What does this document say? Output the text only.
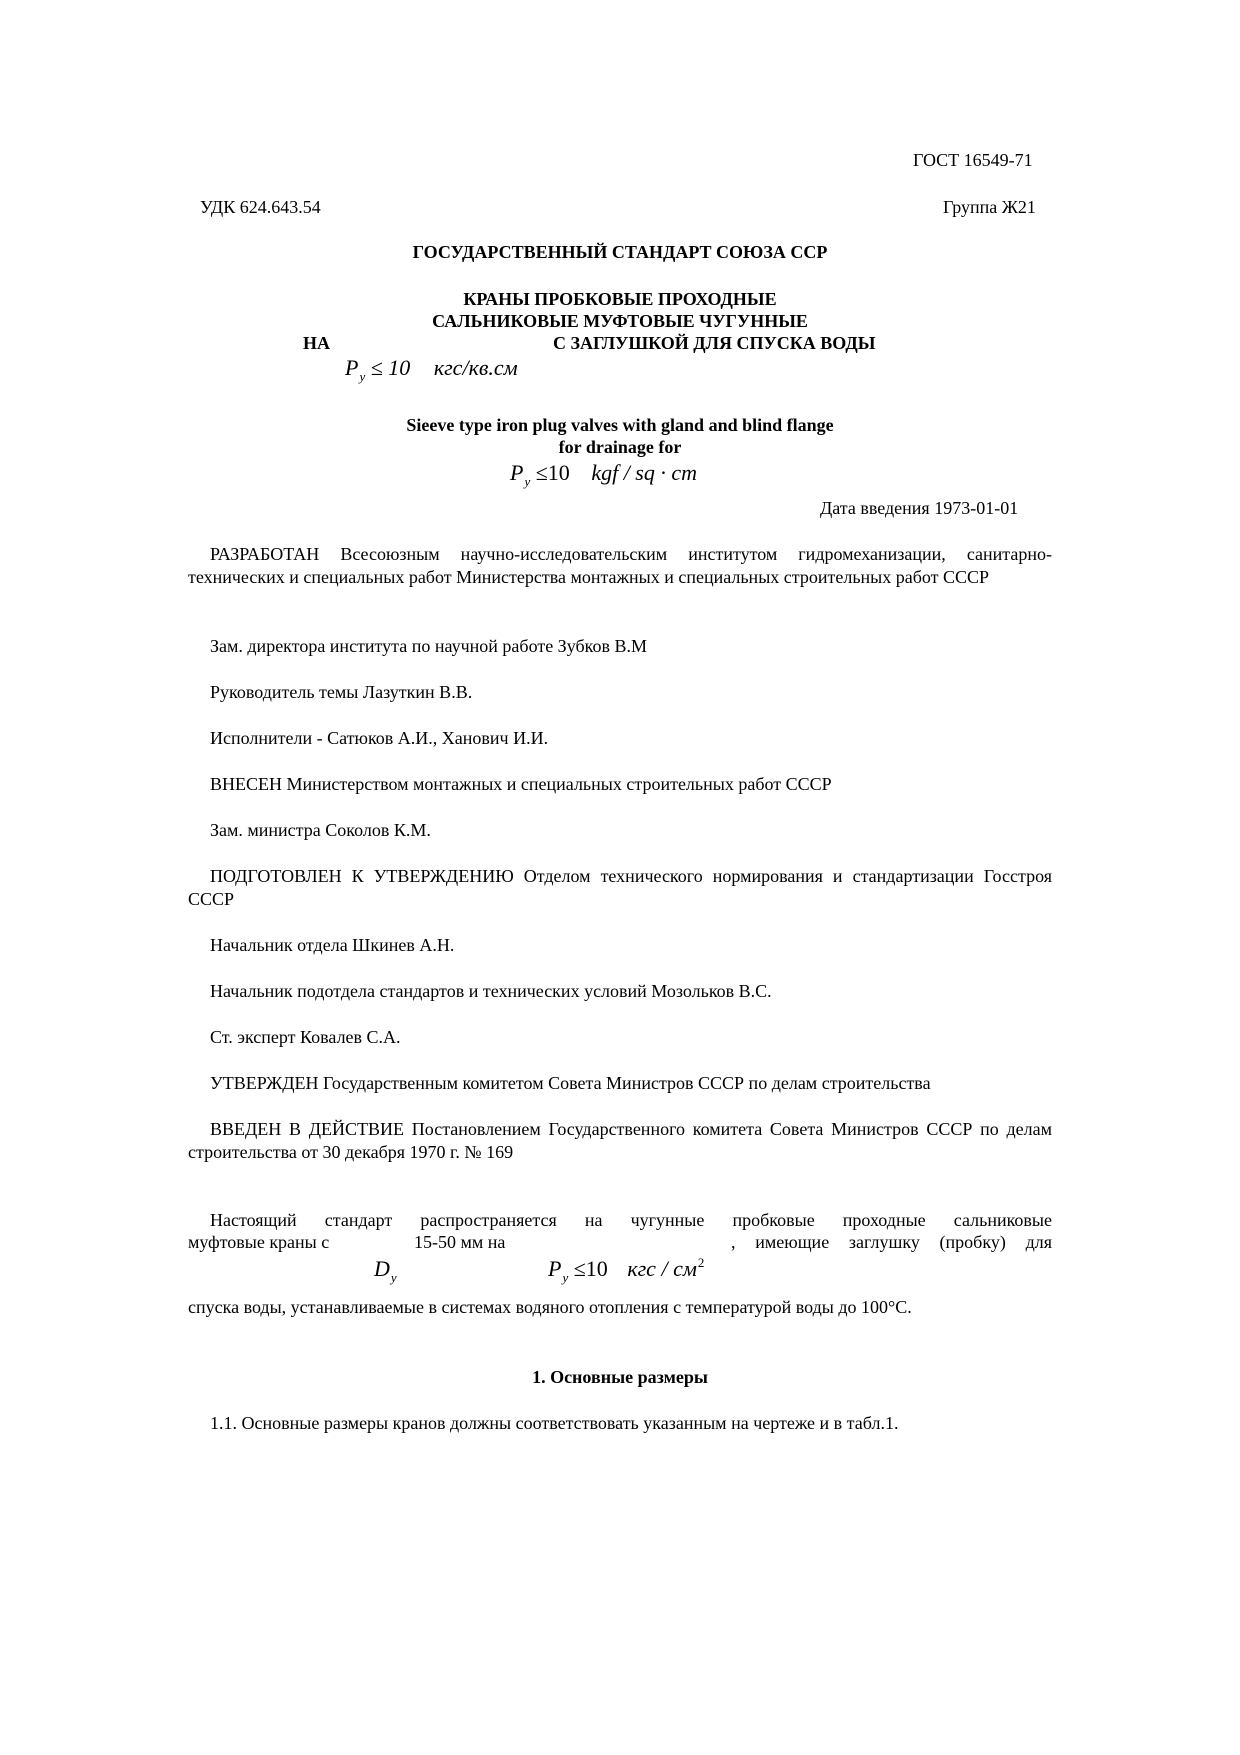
ГОСТ 16549-71
УДК 624.643.54	Группа Ж21
ГОСУДАРСТВЕННЫЙ СТАНДАРТ СОЮЗА ССР
КРАНЫ ПРОБКОВЫЕ ПРОХОДНЫЕ
САЛЬНИКОВЫЕ МУФТОВЫЕ ЧУГУННЫЕ
НА	С ЗАГЛУШКОЙ ДЛЯ СПУСКА ВОДЫ
$P_у \le 10$ кгс/кв.см
Sieeve type iron plug valves with gland and blind flange
for drainage for
$P_y \le 10$ kgf / sq · cm
Дата введения 1973-01-01
РАЗРАБОТАН Всесоюзным научно-исследовательским институтом гидромеханизации, санитарно-технических и специальных работ Министерства монтажных и специальных строительных работ СССР
Зам. директора института по научной работе Зубков В.М
Руководитель темы Лазуткин В.В.
Исполнители - Сатюков А.И., Ханович И.И.
ВНЕСЕН Министерством монтажных и специальных строительных работ СССР
Зам. министра Соколов К.М.
ПОДГОТОВЛЕН К УТВЕРЖДЕНИЮ Отделом технического нормирования и стандартизации Госстроя СССР
Начальник отдела Шкинев А.Н.
Начальник подотдела стандартов и технических условий Мозольков В.С.
Ст. эксперт Ковалев С.А.
УТВЕРЖДЕН Государственным комитетом Совета Министров СССР по делам строительства
ВВЕДЕН В ДЕЙСТВИЕ Постановлением Государственного комитета Совета Министров СССР по делам строительства от 30 декабря 1970 г. № 169
Настоящий стандарт распространяется на чугунные пробковые проходные сальниковые
муфтовые краны с	15-50 мм на	, имеющие заглушку (пробку) для
$D_у$	$P_у \le 10$ кгс / $см^2$
спуска воды, устанавливаемые в системах водяного отопления с температурой воды до 100°С.
1. Основные размеры
1.1. Основные размеры кранов должны соответствовать указанным на чертеже и в табл.1.
